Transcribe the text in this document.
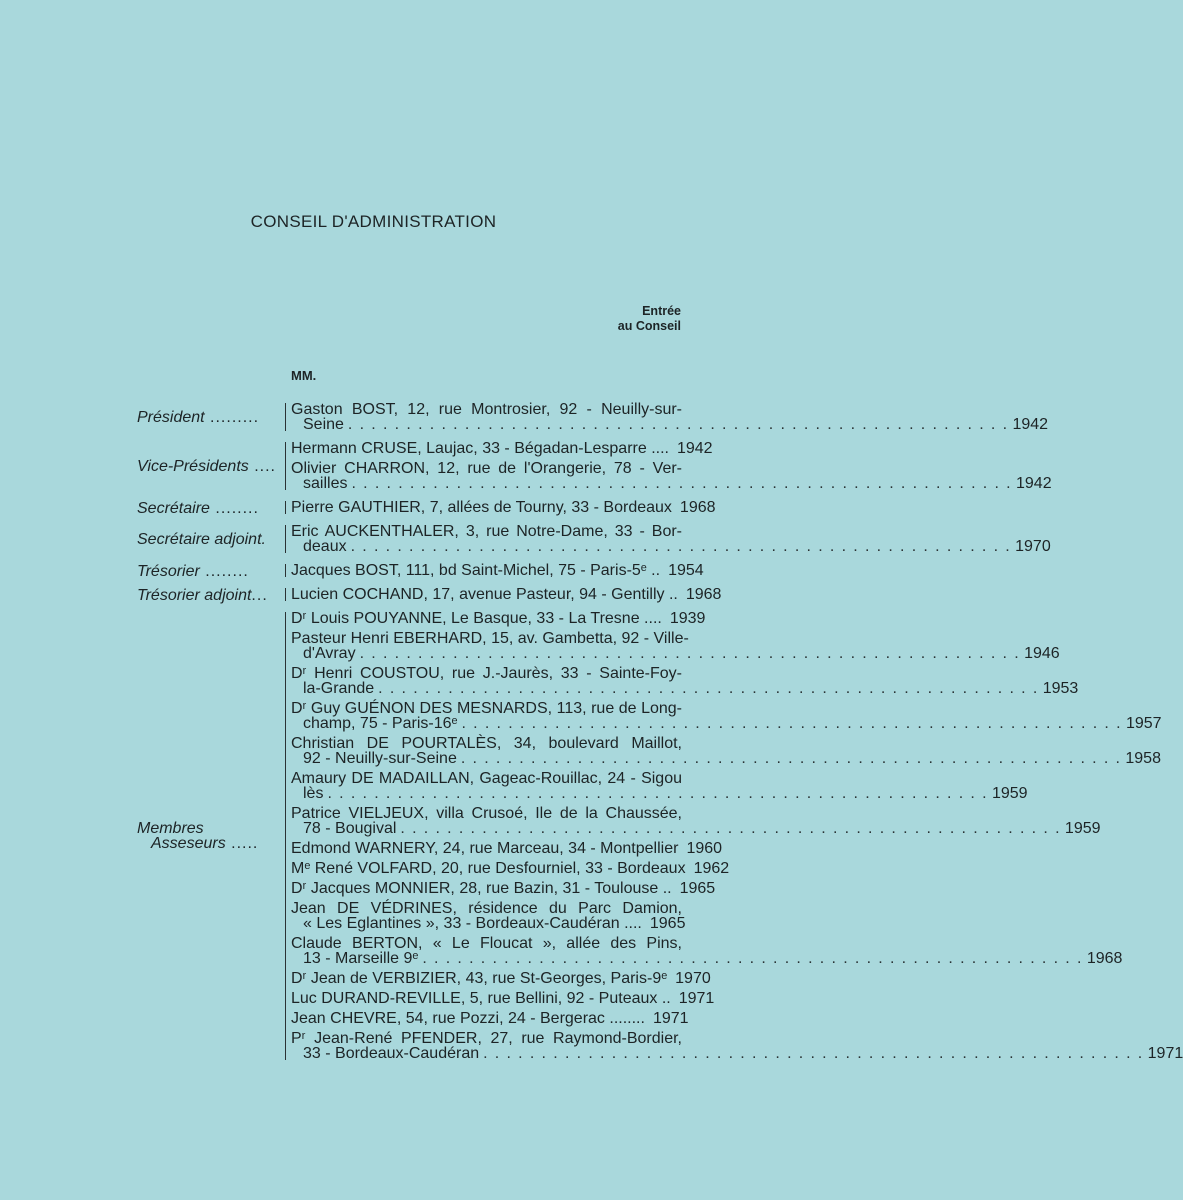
CONSEIL D'ADMINISTRATION
Entrée
au Conseil
MM.
Gaston BOST, 12, rue Montrosier, 92 - Neuilly-sur-
Seine . . . . . . . . . . . . . . . . . . . . . . . . . . . . . . . . . . . . . . . . . . . . . . . . . . . . . . . . . 1942
Président .........
Hermann CRUSE, Laujac, 33 - Bégadan-Lesparre .... 1942
Olivier CHARRON, 12, rue de l'Orangerie, 78 - Ver-
sailles . . . . . . . . . . . . . . . . . . . . . . . . . . . . . . . . . . . . . . . . . . . . . . . . . . . . . . . . . 1942
Vice-Présidents ....
Pierre GAUTHIER, 7, allées de Tourny, 33 - Bordeaux 1968
Secrétaire ........
Eric AUCKENTHALER, 3, rue Notre-Dame, 33 - Bor-
deaux . . . . . . . . . . . . . . . . . . . . . . . . . . . . . . . . . . . . . . . . . . . . . . . . . . . . . . . . . 1970
Secrétaire adjoint.
Jacques BOST, 111, bd Saint-Michel, 75 - Paris-5ᵉ .. 1954
Trésorier ........
Lucien COCHAND, 17, avenue Pasteur, 94 - Gentilly .. 1968
Trésorier adjoint...
Dʳ Louis POUYANNE, Le Basque, 33 - La Tresne .... 1939
Pasteur Henri EBERHARD, 15, av. Gambetta, 92 - Ville-
d'Avray . . . . . . . . . . . . . . . . . . . . . . . . . . . . . . . . . . . . . . . . . . . . . . . . . . . . . . . . . 1946
Dʳ Henri COUSTOU, rue J.-Jaurès, 33 - Sainte-Foy-
la-Grande . . . . . . . . . . . . . . . . . . . . . . . . . . . . . . . . . . . . . . . . . . . . . . . . . . . . . . . . . 1953
Dʳ Guy GUÉNON DES MESNARDS, 113, rue de Long-
champ, 75 - Paris-16ᵉ . . . . . . . . . . . . . . . . . . . . . . . . . . . . . . . . . . . . . . . . . . . . . . . . . . . . . . . . . 1957
Christian DE POURTALÈS, 34, boulevard Maillot,
92 - Neuilly-sur-Seine . . . . . . . . . . . . . . . . . . . . . . . . . . . . . . . . . . . . . . . . . . . . . . . . . . . . . . . . . 1958
Amaury DE MADAILLAN, Gageac-Rouillac, 24 - Sigou
lès . . . . . . . . . . . . . . . . . . . . . . . . . . . . . . . . . . . . . . . . . . . . . . . . . . . . . . . . . 1959
Patrice VIELJEUX, villa Crusoé, Ile de la Chaussée,
78 - Bougival . . . . . . . . . . . . . . . . . . . . . . . . . . . . . . . . . . . . . . . . . . . . . . . . . . . . . . . . . 1959
Edmond WARNERY, 24, rue Marceau, 34 - Montpellier 1960
Mᵉ René VOLFARD, 20, rue Desfourniel, 33 - Bordeaux 1962
Dʳ Jacques MONNIER, 28, rue Bazin, 31 - Toulouse .. 1965
Jean DE VÉDRINES, résidence du Parc Damion,
« Les Eglantines », 33 - Bordeaux-Caudéran .... 1965
Claude BERTON, « Le Floucat », allée des Pins,
13 - Marseille 9ᵉ . . . . . . . . . . . . . . . . . . . . . . . . . . . . . . . . . . . . . . . . . . . . . . . . . . . . . . . . . 1968
Dʳ Jean de VERBIZIER, 43, rue St-Georges, Paris-9ᵉ 1970
Luc DURAND-REVILLE, 5, rue Bellini, 92 - Puteaux .. 1971
Jean CHEVRE, 54, rue Pozzi, 24 - Bergerac ........ 1971
Pʳ Jean-René PFENDER, 27, rue Raymond-Bordier,
33 - Bordeaux-Caudéran . . . . . . . . . . . . . . . . . . . . . . . . . . . . . . . . . . . . . . . . . . . . . . . . . . . . . . . . . 1971
Membres
Asseseurs .....
